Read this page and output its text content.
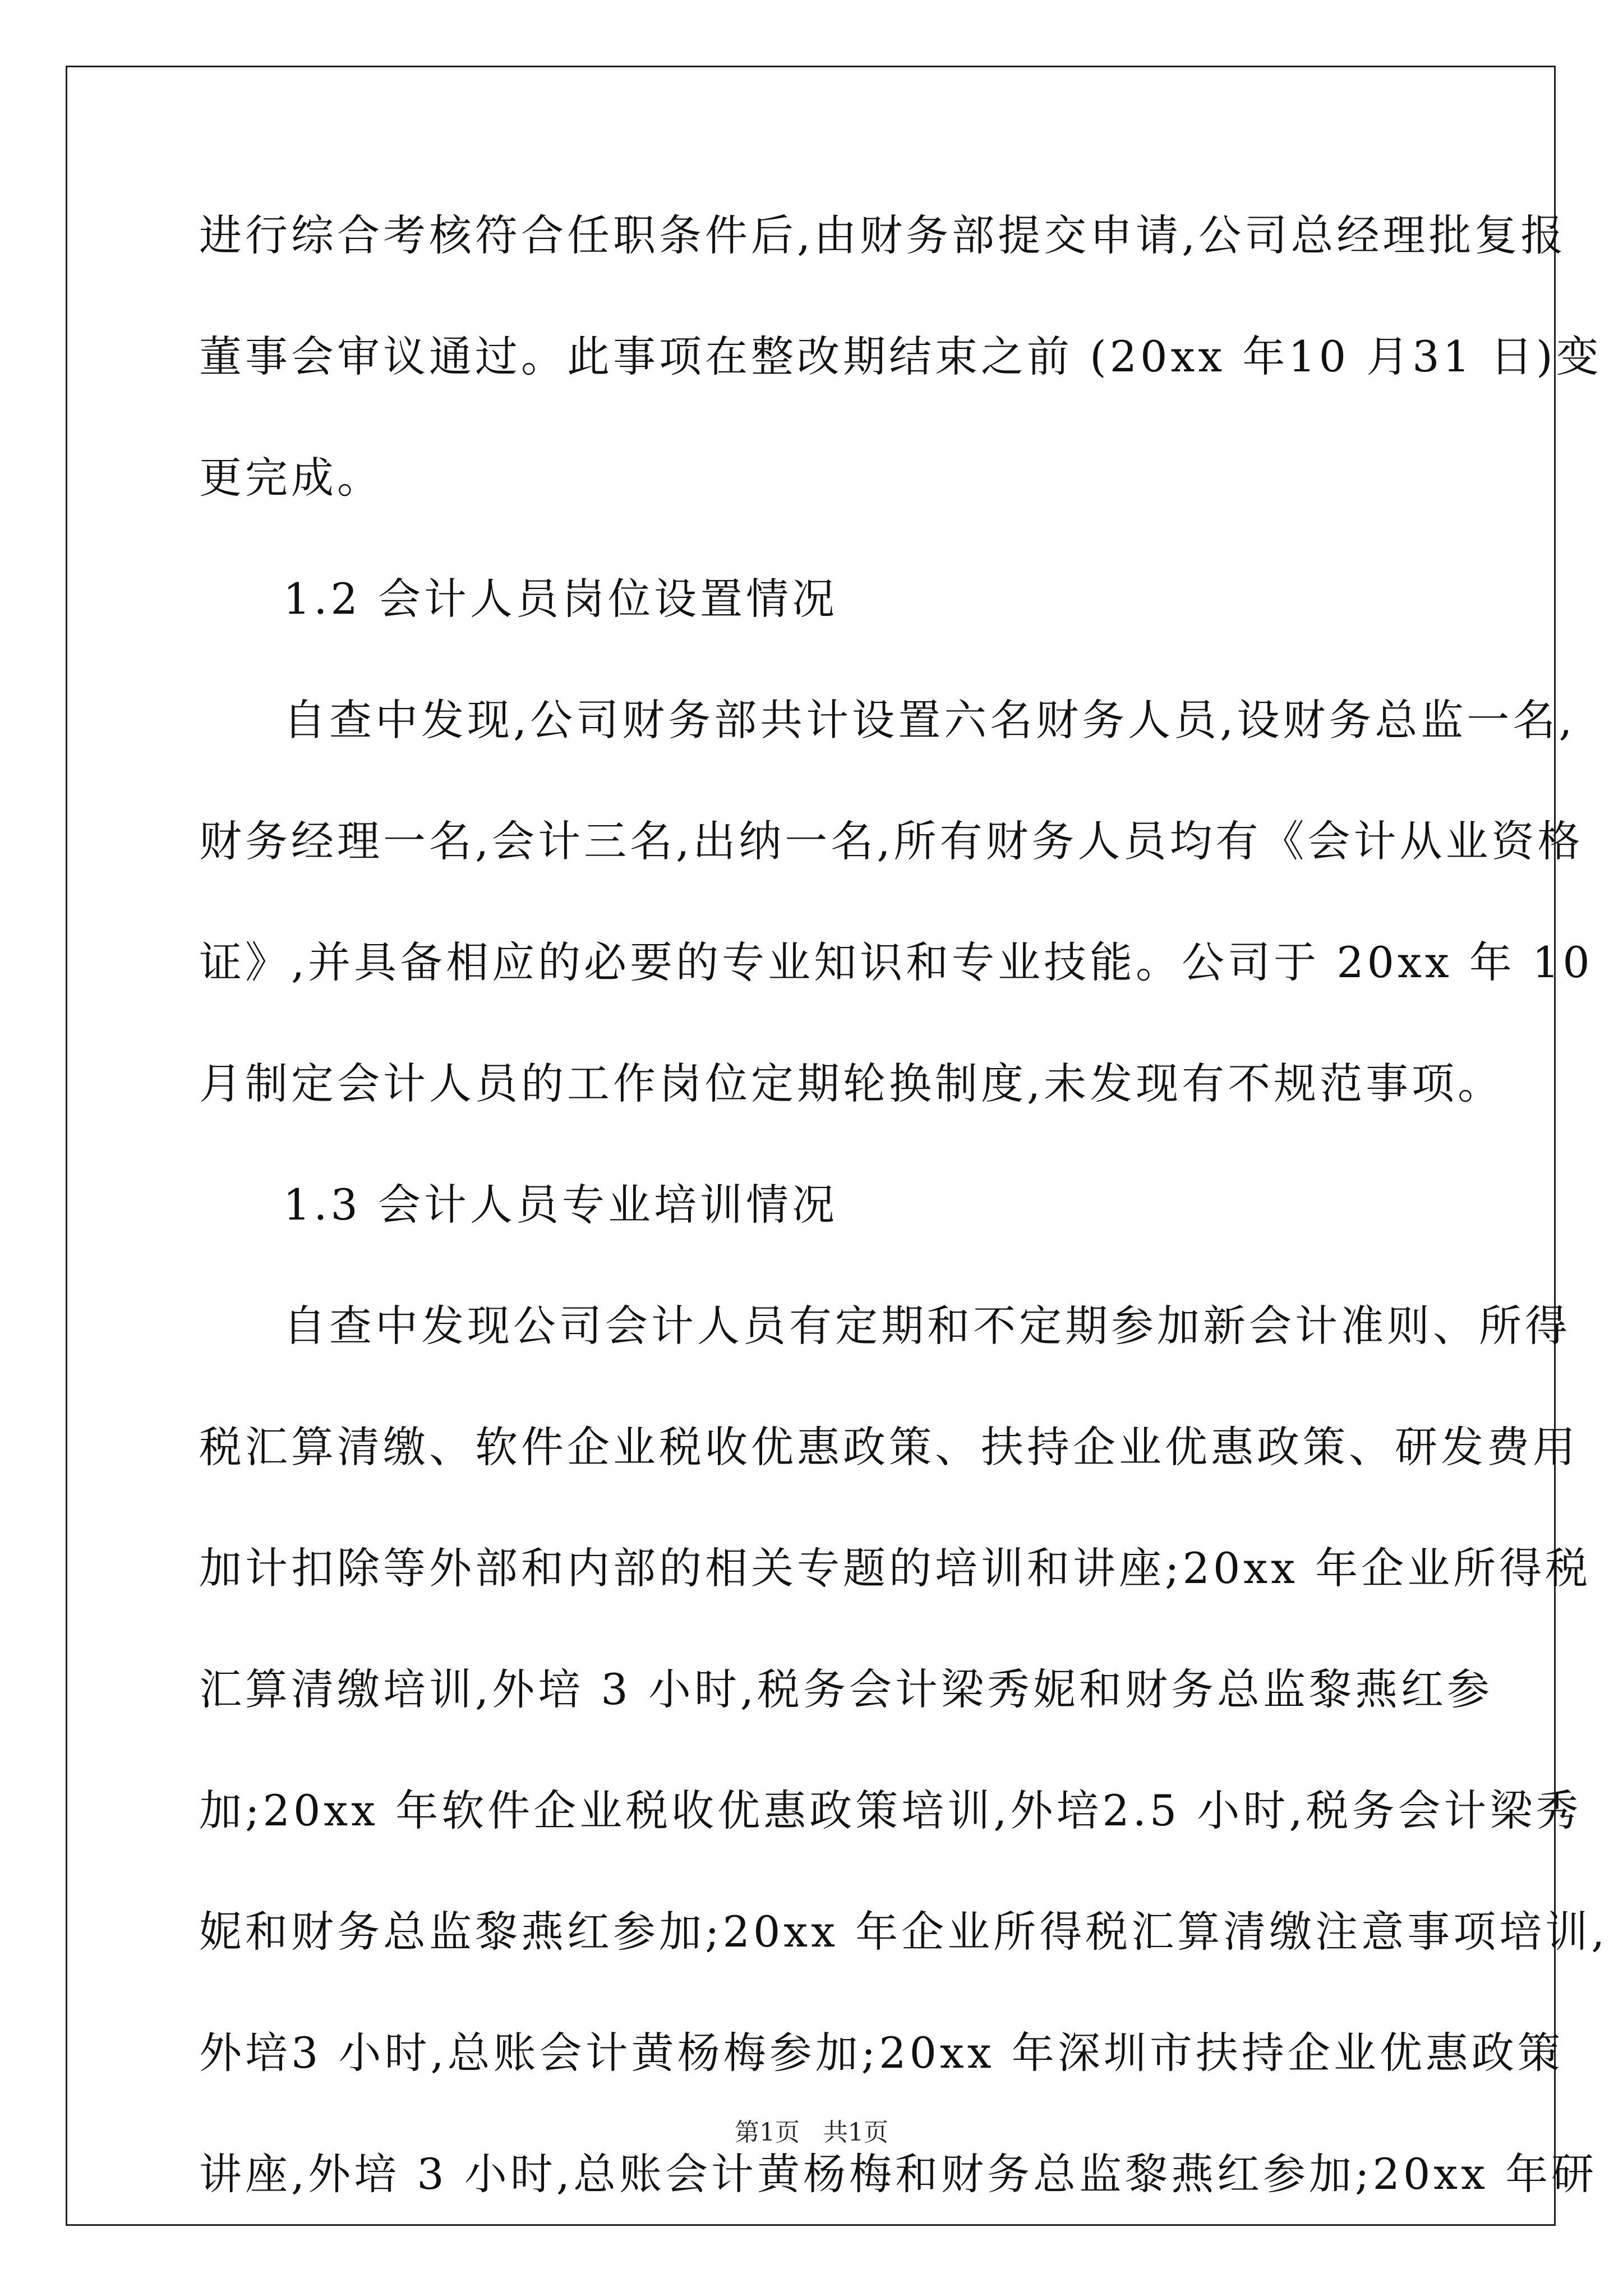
进行综合考核符合任职条件后,由财务部提交申请,公司总经理批复报
董事会审议通过。此事项在整改期结束之前 (20xx 年10 月31 日)变
更完成。
1.2 会计人员岗位设置情况
自查中发现,公司财务部共计设置六名财务人员,设财务总监一名,
财务经理一名,会计三名,出纳一名,所有财务人员均有《会计从业资格
证》,并具备相应的必要的专业知识和专业技能。公司于 20xx 年 10
月制定会计人员的工作岗位定期轮换制度,未发现有不规范事项。
1.3 会计人员专业培训情况
自查中发现公司会计人员有定期和不定期参加新会计准则、所得
税汇算清缴、软件企业税收优惠政策、扶持企业优惠政策、研发费用
加计扣除等外部和内部的相关专题的培训和讲座;20xx 年企业所得税
汇算清缴培训,外培 3 小时,税务会计梁秀妮和财务总监黎燕红参
加;20xx 年软件企业税收优惠政策培训,外培2.5 小时,税务会计梁秀
妮和财务总监黎燕红参加;20xx 年企业所得税汇算清缴注意事项培训,
外培3 小时,总账会计黄杨梅参加;20xx 年深圳市扶持企业优惠政策
讲座,外培 3 小时,总账会计黄杨梅和财务总监黎燕红参加;20xx 年研
第1页   共1页
